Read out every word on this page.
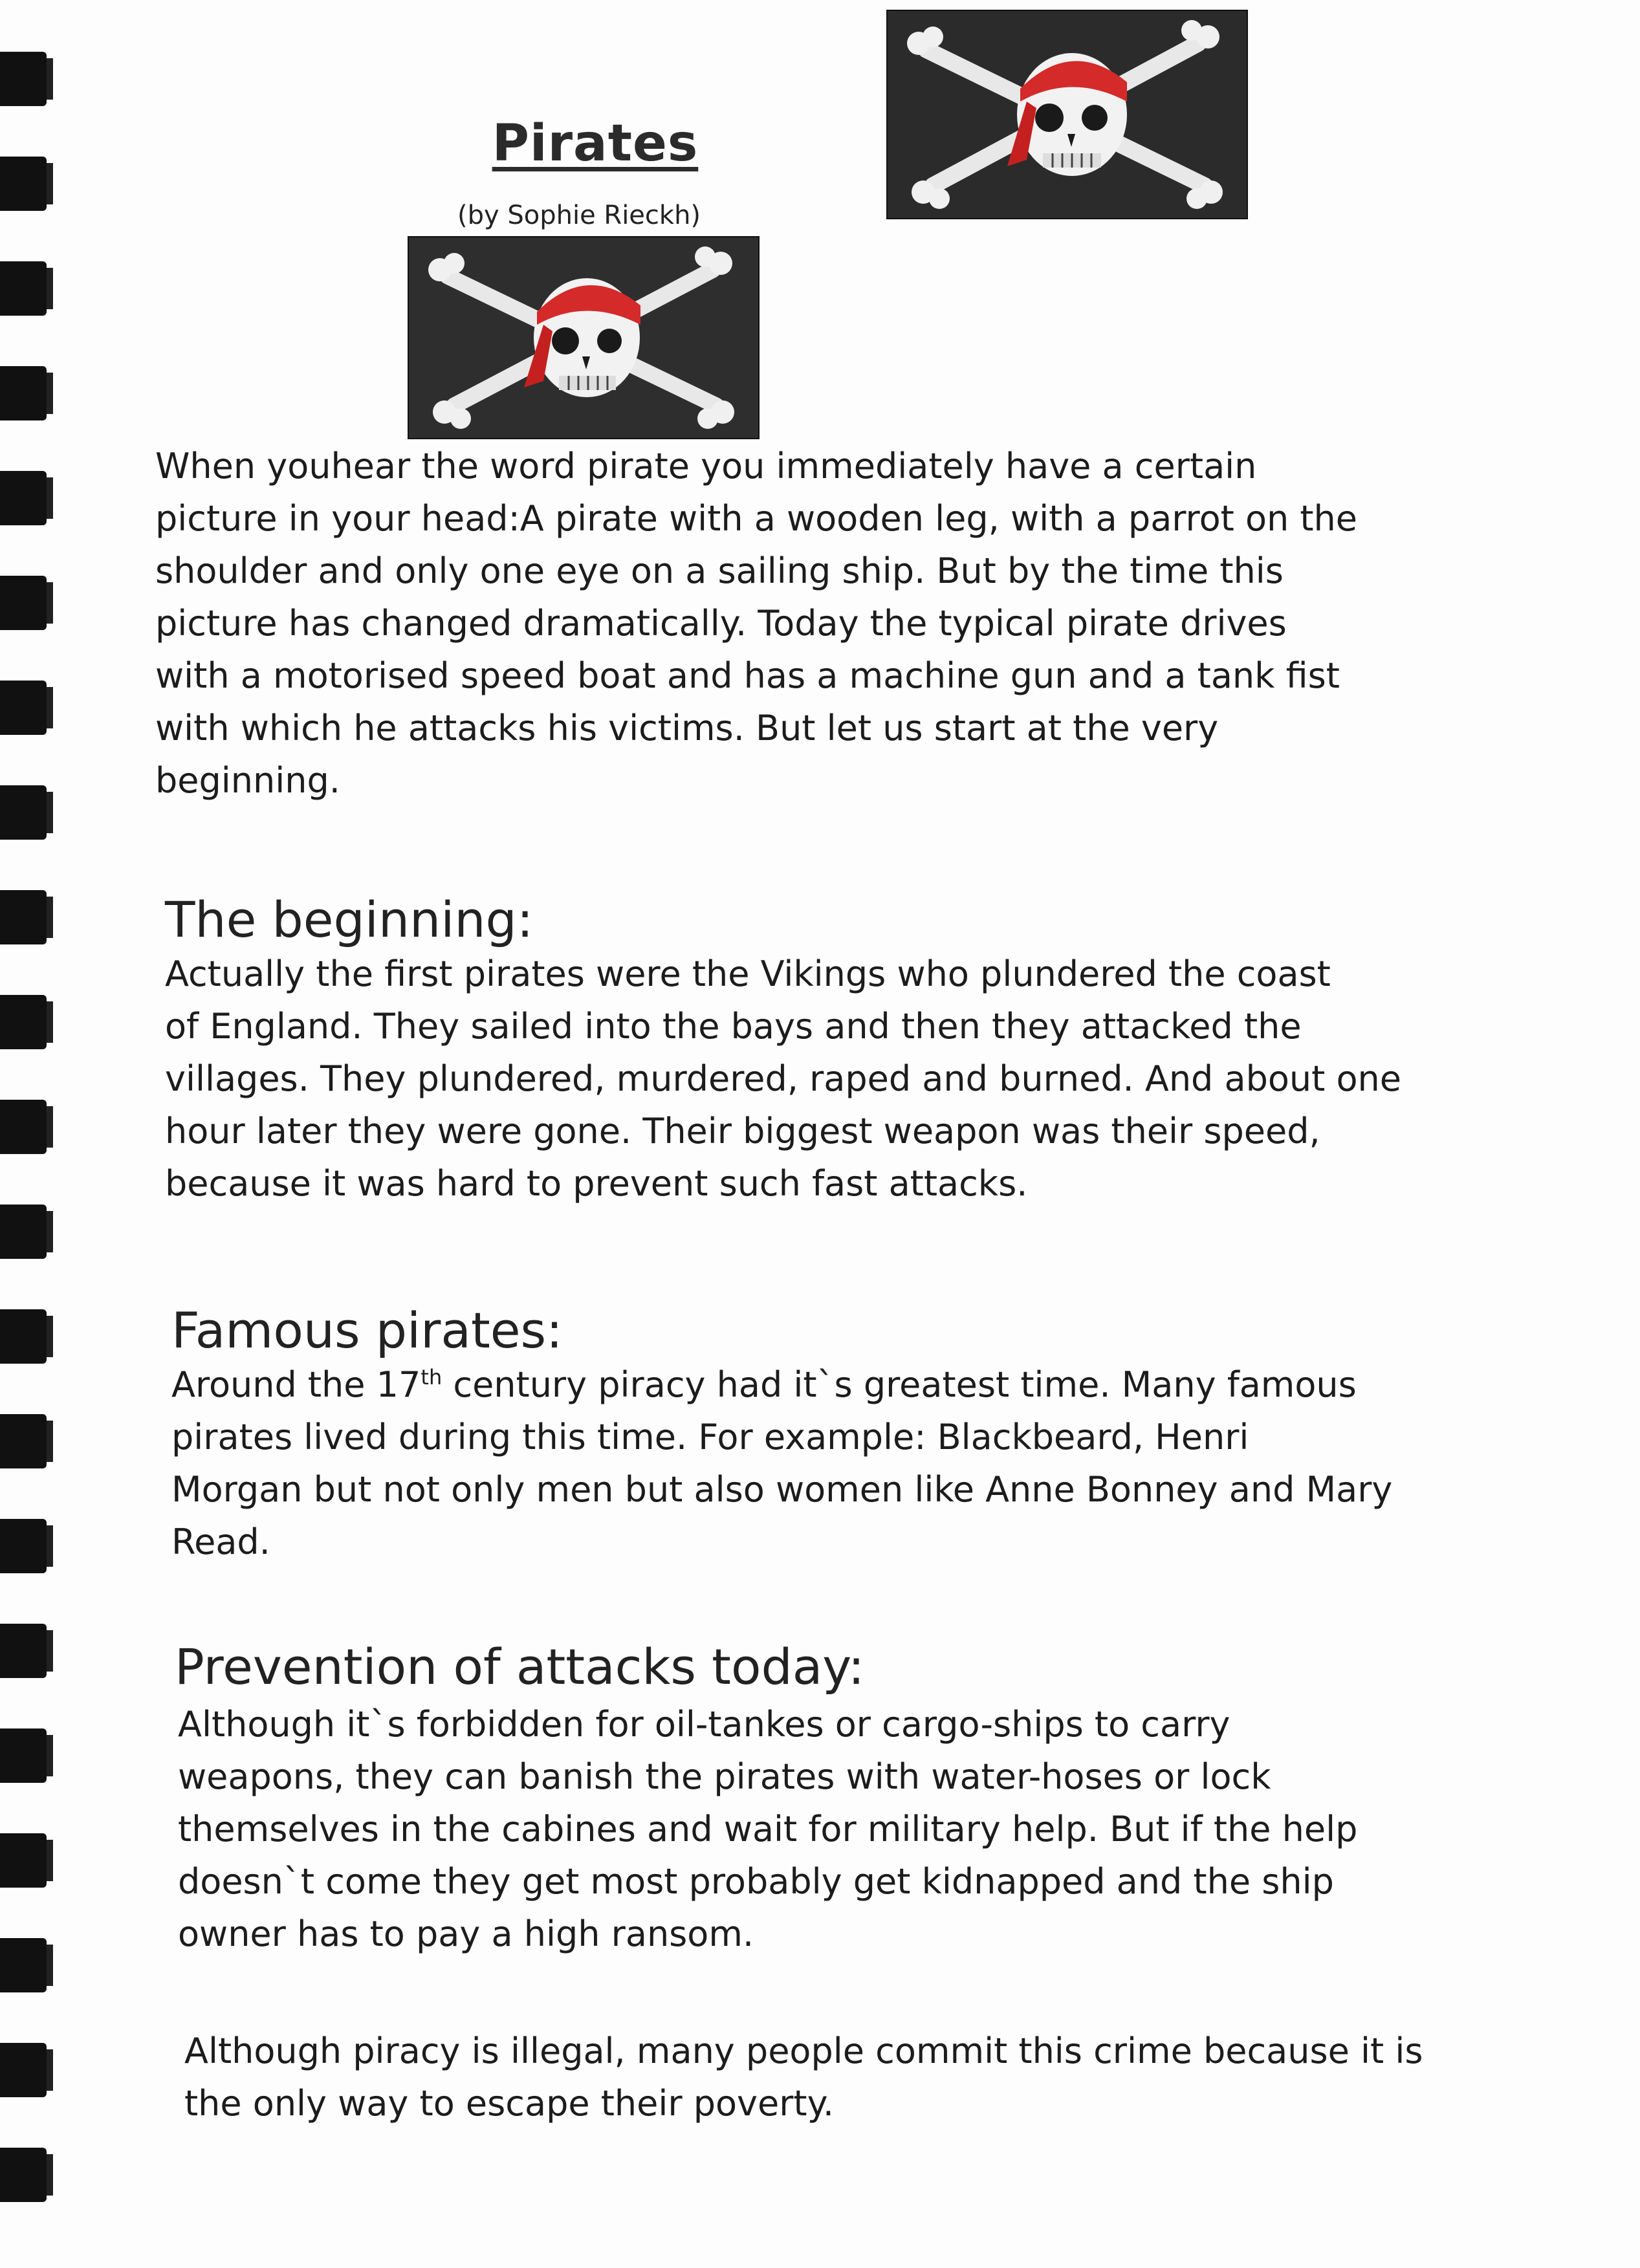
Pirates
(by Sophie Rieckh)
When youhear the word pirate you immediately have a certain
picture in your head:A pirate with a wooden leg, with a parrot on the
shoulder and only one eye on a sailing ship. But by the time this
picture has changed dramatically. Today the typical pirate drives
with a motorised speed boat and has a machine gun and a tank fist
with which he attacks his victims. But let us start at the very
beginning.
The beginning:
Actually the first pirates were the Vikings who plundered the coast
of England. They sailed into the bays and then they attacked the
villages. They plundered, murdered, raped and burned. And about one
hour later they were gone. Their biggest weapon was their speed,
because it was hard to prevent such fast attacks.
Famous pirates:
Around the 17th century piracy had it`s greatest time. Many famous
pirates lived during this time. For example: Blackbeard, Henri
Morgan but not only men but also women like Anne Bonney and Mary
Read.
Prevention of attacks today:
Although it`s forbidden for oil-tankes or cargo-ships to carry
weapons, they can banish the pirates with water-hoses or lock
themselves in the cabines and wait for military help. But if the help
doesn`t come they get most probably get kidnapped and the ship
owner has to pay a high ransom.
Although piracy is illegal, many people commit this crime because it is
the only way to escape their poverty.
